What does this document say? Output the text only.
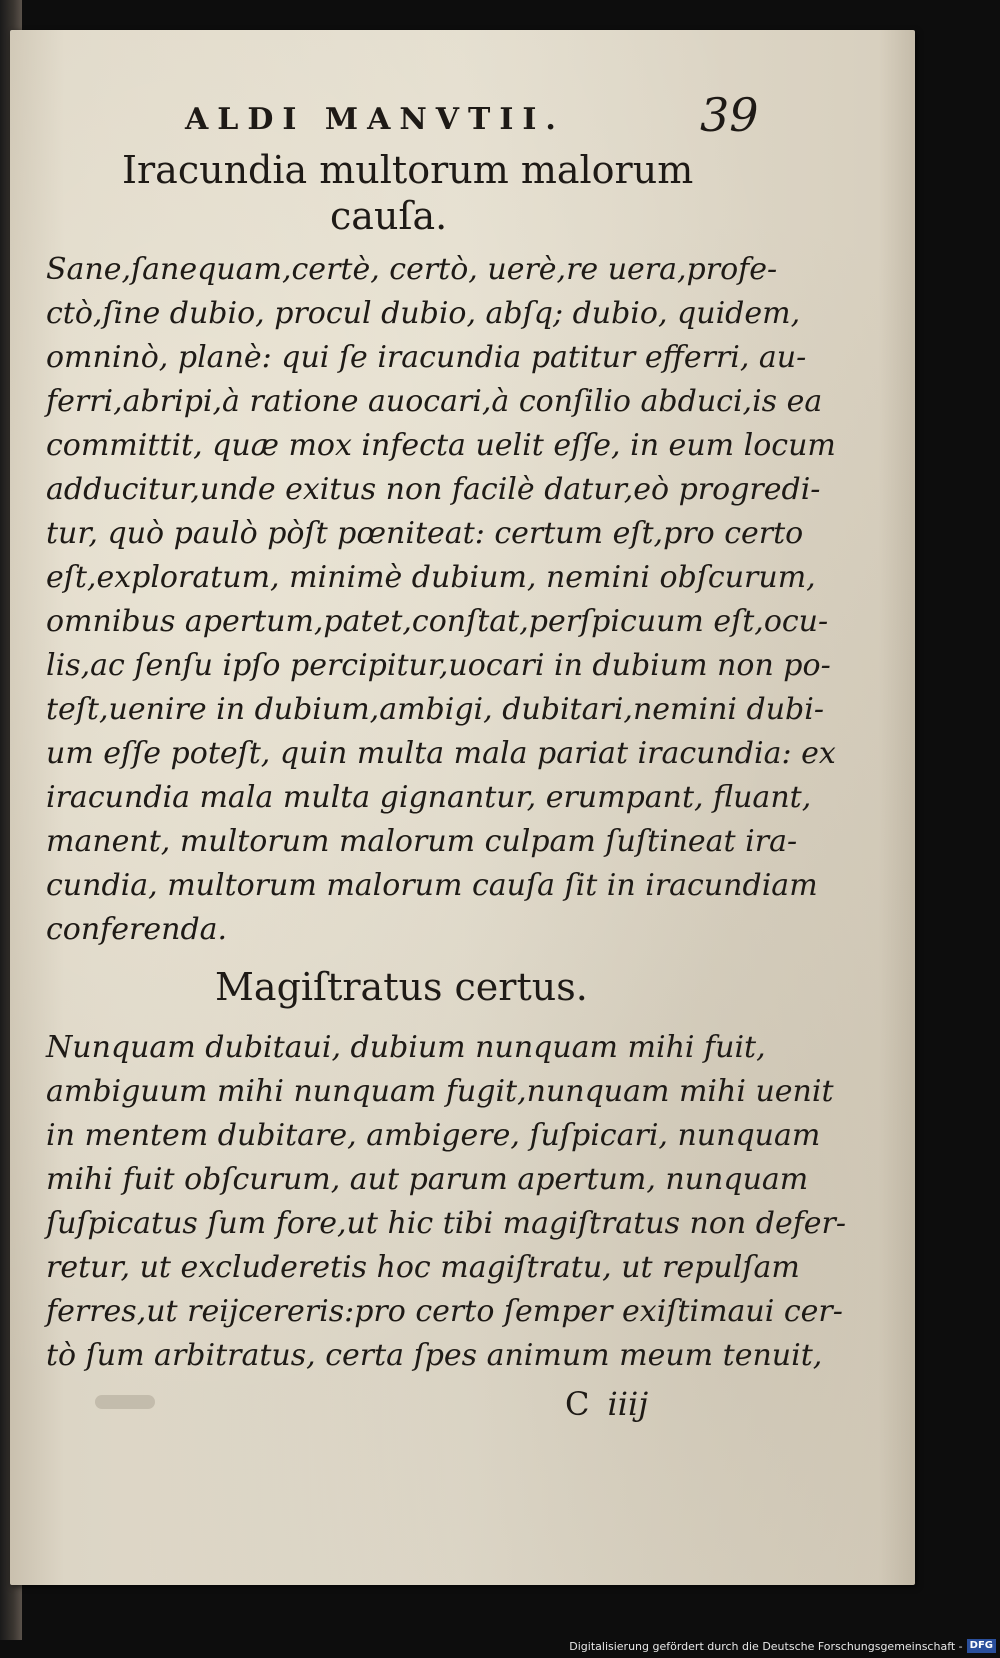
ALDI MANVTII.	39
Iracundia multorum malorum
cauſa.
Sane,ſanequam,certè, certò, uerè,re uera,profe-
ctò,ſine dubio, procul dubio, abſq; dubio, quidem,
omninò, planè: qui ſe iracundia patitur efferri, au-
ferri,abripi,à ratione auocari,à conſilio abduci,is ea
committit, quæ mox infecta uelit eſſe, in eum locum
adducitur,unde exitus non facilè datur,eò progredi-
tur, quò paulò pòſt pœniteat: certum eſt,pro certo
eſt,exploratum, minimè dubium, nemini obſcurum,
omnibus apertum,patet,conſtat,perſpicuum eſt,ocu-
lis,ac ſenſu ipſo percipitur,uocari in dubium non po-
teſt,uenire in dubium,ambigi, dubitari,nemini dubi-
um eſſe poteſt, quin multa mala pariat iracundia: ex
iracundia mala multa gignantur, erumpant, fluant,
manent, multorum malorum culpam ſuſtineat ira-
cundia, multorum malorum cauſa ſit in iracundiam
conferenda.
Magiſtratus certus.
Nunquam dubitaui, dubium nunquam mihi fuit,
ambiguum mihi nunquam fugit,nunquam mihi uenit
in mentem dubitare, ambigere, ſuſpicari, nunquam
mihi fuit obſcurum, aut parum apertum, nunquam
ſuſpicatus ſum fore,ut hic tibi magiſtratus non defer-
retur, ut excluderetis hoc magiſtratu, ut repulſam
ferres,ut reijcereris:pro certo ſemper exiſtimaui cer-
tò ſum arbitratus, certa ſpes animum meum tenuit,
C iiij
Digitalisierung gefördert durch die Deutsche Forschungsgemeinschaft - DFG
